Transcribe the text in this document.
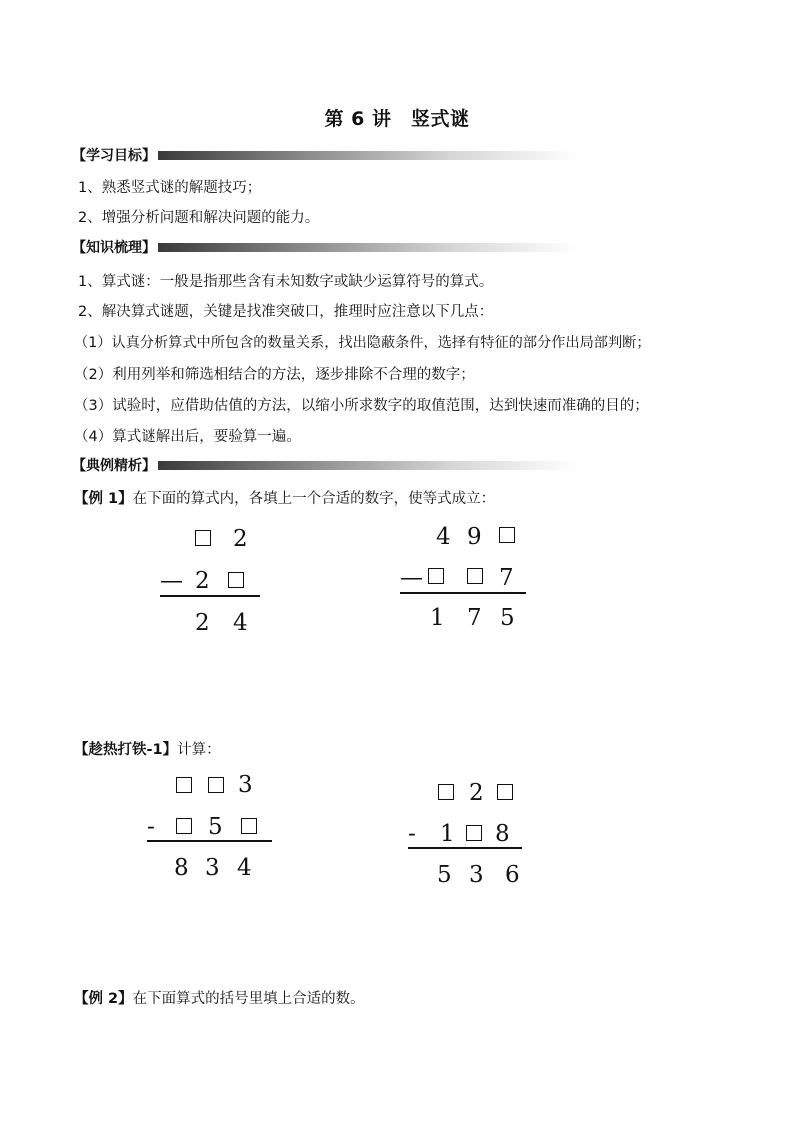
第 6 讲　竖式谜
【学习目标】
1、熟悉竖式谜的解题技巧；
2、增强分析问题和解决问题的能力。
【知识梳理】
1、算式谜：一般是指那些含有未知数字或缺少运算符号的算式。
2、解决算式谜题，关键是找准突破口，推理时应注意以下几点：
（1）认真分析算式中所包含的数量关系，找出隐蔽条件，选择有特征的部分作出局部判断；
（2）利用列举和筛选相结合的方法，逐步排除不合理的数字；
（3）试验时，应借助估值的方法，以缩小所求数字的取值范围，达到快速而准确的目的；
（4）算式谜解出后，要验算一遍。
【典例精析】
【例 1】在下面的算式内，各填上一个合适的数字，使等式成立：
2
— 2
2 4
4 9
—	7
1 7 5
【趁热打铁-1】计算：
3
- 5
8 3 4
2
- 1 8
5 3 6
【例 2】在下面算式的括号里填上合适的数。
